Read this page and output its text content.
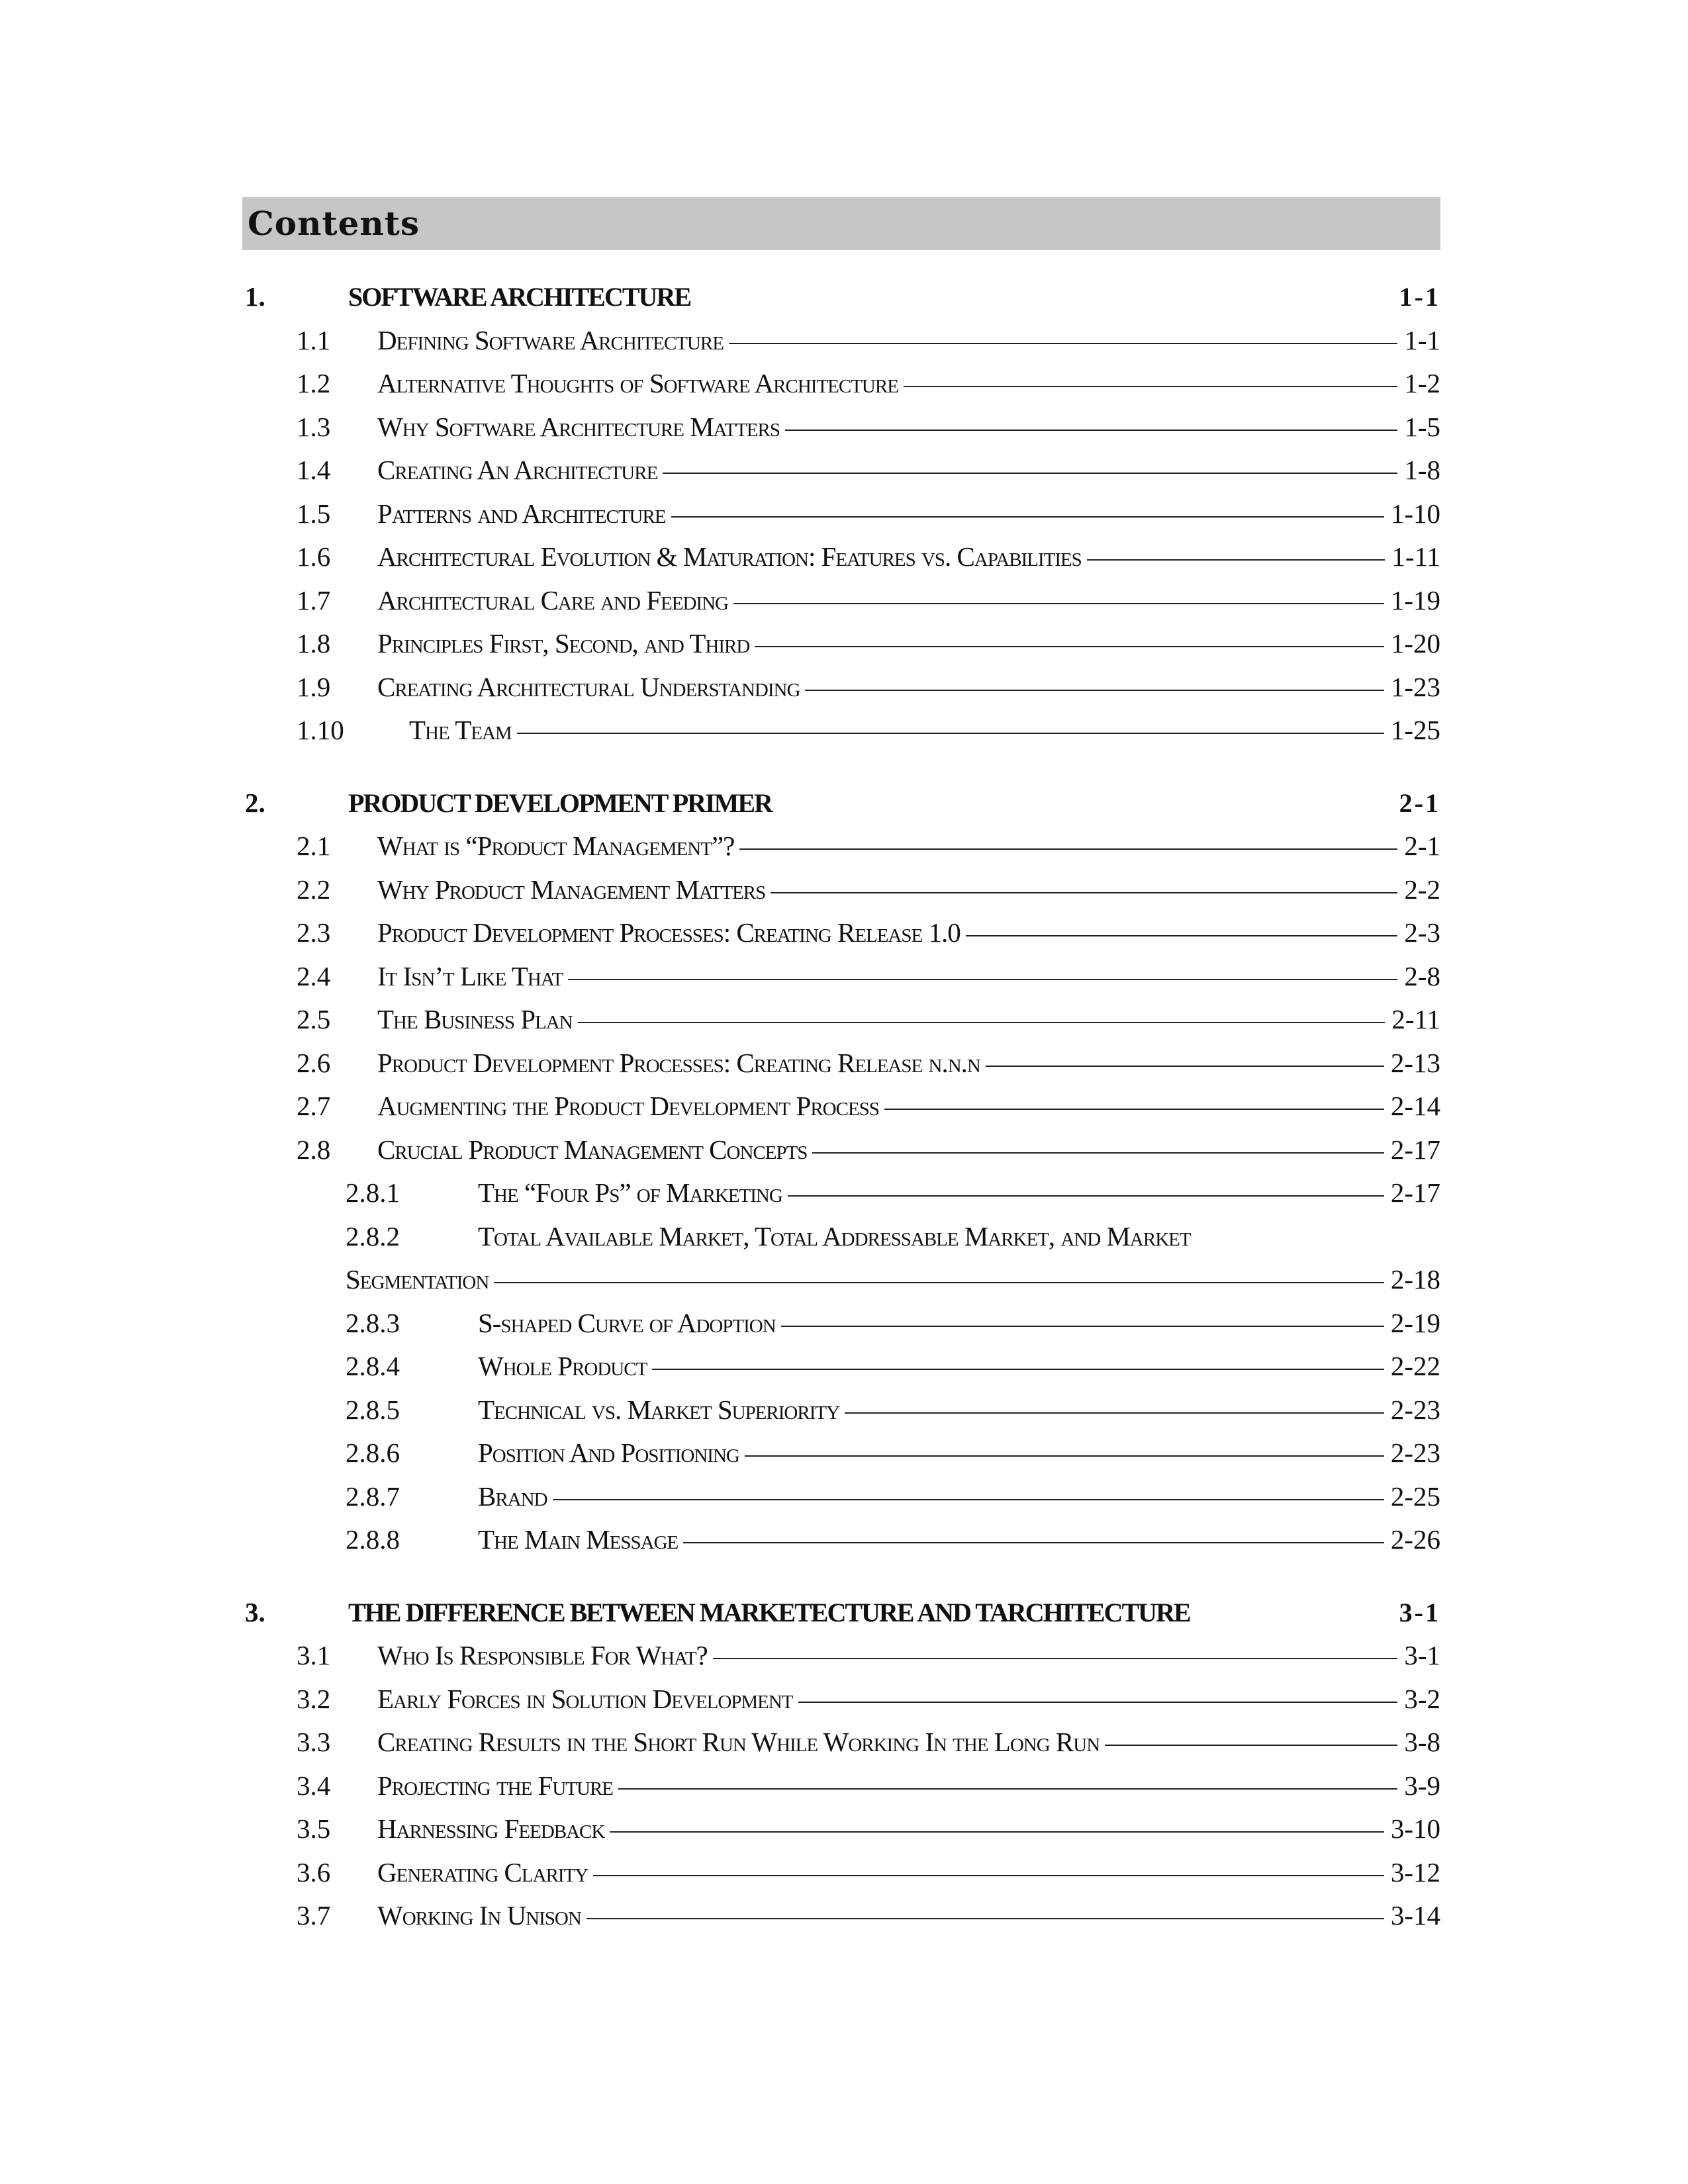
Contents
1.	SOFTWARE ARCHITECTURE	1-1
1.1	Defining Software Architecture	1-1
1.2	Alternative Thoughts of Software Architecture	1-2
1.3	Why Software Architecture Matters	1-5
1.4	Creating An Architecture	1-8
1.5	Patterns and Architecture	1-10
1.6	Architectural Evolution & Maturation: Features vs. Capabilities	1-11
1.7	Architectural Care and Feeding	1-19
1.8	Principles First, Second, and Third	1-20
1.9	Creating Architectural Understanding	1-23
1.10	The Team	1-25
2.	PRODUCT DEVELOPMENT PRIMER	2-1
2.1	What is “Product Management”?	2-1
2.2	Why Product Management Matters	2-2
2.3	Product Development Processes: Creating Release 1.0	2-3
2.4	It Isn’t Like That	2-8
2.5	The Business Plan	2-11
2.6	Product Development Processes: Creating Release n.n.n	2-13
2.7	Augmenting the Product Development Process	2-14
2.8	Crucial Product Management Concepts	2-17
2.8.1	The “Four Ps” of Marketing	2-17
2.8.2	Total Available Market, Total Addressable Market, and Market
Segmentation	2-18
2.8.3	S-shaped Curve of Adoption	2-19
2.8.4	Whole Product	2-22
2.8.5	Technical vs. Market Superiority	2-23
2.8.6	Position And Positioning	2-23
2.8.7	Brand	2-25
2.8.8	The Main Message	2-26
3.	THE DIFFERENCE BETWEEN MARKETECTURE AND TARCHITECTURE	3-1
3.1	Who Is Responsible For What?	3-1
3.2	Early Forces in Solution Development	3-2
3.3	Creating Results in the Short Run While Working In the Long Run	3-8
3.4	Projecting the Future	3-9
3.5	Harnessing Feedback	3-10
3.6	Generating Clarity	3-12
3.7	Working In Unison	3-14
